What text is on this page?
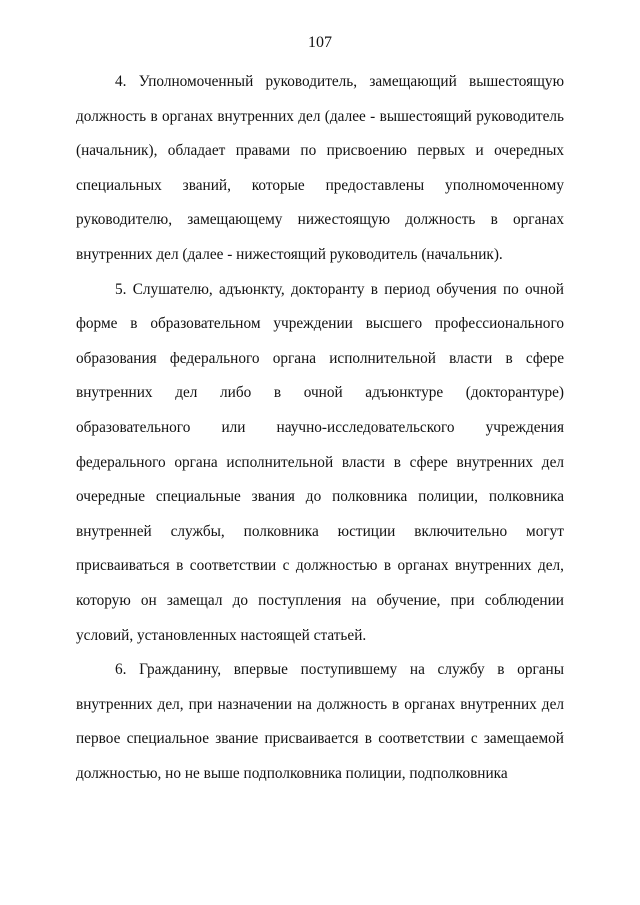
107

4. Уполномоченный руководитель, замещающий вышестоящую должность в органах внутренних дел (далее - вышестоящий руководитель (начальник), обладает правами по присвоению первых и очередных специальных званий, которые предоставлены уполномоченному руководителю, замещающему нижестоящую должность в органах внутренних дел (далее - нижестоящий руководитель (начальник).

5. Слушателю, адъюнкту, докторанту в период обучения по очной форме в образовательном учреждении высшего профессионального образования федерального органа исполнительной власти в сфере внутренних дел либо в очной адъюнктуре (докторантуре) образовательного или научно-исследовательского учреждения федерального органа исполнительной власти в сфере внутренних дел очередные специальные звания до полковника полиции, полковника внутренней службы, полковника юстиции включительно могут присваиваться в соответствии с должностью в органах внутренних дел, которую он замещал до поступления на обучение, при соблюдении условий, установленных настоящей статьей.

6. Гражданину, впервые поступившему на службу в органы внутренних дел, при назначении на должность в органах внутренних дел первое специальное звание присваивается в соответствии с замещаемой должностью, но не выше подполковника полиции, подполковника
